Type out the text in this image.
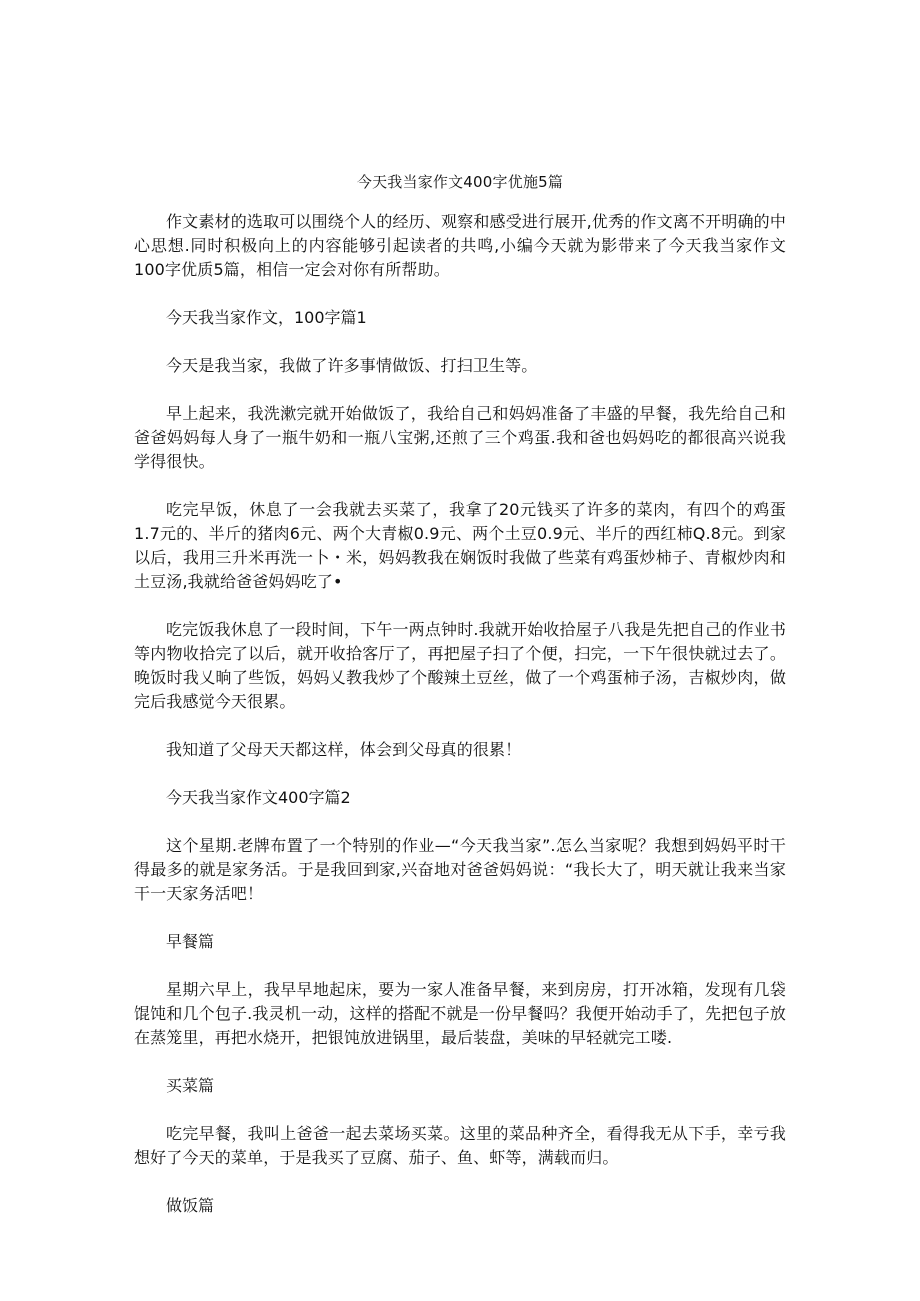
今天我当家作文400字优施5篇

作文素材的选取可以围绕个人的经历、观察和感受进行展开,优秀的作文离不开明确的中心思想.同时积极向上的内容能够引起读者的共鸣,小编今天就为影带来了今天我当家作文100字优质5篇，相信一定会对你有所帮助。

今天我当家作文，100字篇1

今天是我当家，我做了许多事情做饭、打扫卫生等。

早上起来，我洗漱完就开始做饭了，我给自己和妈妈准备了丰盛的早餐，我先给自己和爸爸妈妈每人身了一瓶牛奶和一瓶八宝粥,还煎了三个鸡蛋.我和爸也妈妈吃的都很高兴说我学得很快。

吃完早饭，休息了一会我就去买菜了，我拿了20元钱买了许多的菜肉，有四个的鸡蛋1.7元的、半斤的猪肉6元、两个大青椒0.9元、两个土豆0.9元、半斤的西红柿Q.8元。到家以后，我用三升米再洗一卜・米，妈妈教我在娴饭时我做了些菜有鸡蛋炒柿子、青椒炒肉和土豆汤,我就给爸爸妈妈吃了•

吃完饭我休息了一段时间，下午一两点钟时.我就开始收拾屋子八我是先把自己的作业书等内物收拾完了以后，就开收拾客厅了，再把屋子扫了个便，扫完，一下午很快就过去了。晚饭时我乂晌了些饭，妈妈乂教我炒了个酸辣土豆丝，做了一个鸡蛋柿子汤，吉椒炒肉，做完后我感觉今天很累。

我知道了父母天天都这样，体会到父母真的很累！

今天我当家作文400字篇2

这个星期.老牌布置了一个特别的作业—“今天我当家”.怎么当家呢？我想到妈妈平时干得最多的就是家务活。于是我回到家,兴奋地对爸爸妈妈说：“我长大了，明天就让我来当家干一天家务活吧！

早餐篇

星期六早上，我早早地起床，要为一家人准备早餐，来到房房，打开冰箱，发现有几袋馄饨和几个包子.我灵机一动，这样的搭配不就是一份早餐吗？我便开始动手了，先把包子放在蒸笼里，再把水烧开，把银饨放进锅里，最后装盘，美味的早轻就完工喽.

买菜篇

吃完早餐，我叫上爸爸一起去菜场买菜。这里的菜品种齐全，看得我无从下手，幸亏我想好了今天的菜单，于是我买了豆腐、茄子、鱼、虾等，满载而归。

做饭篇
